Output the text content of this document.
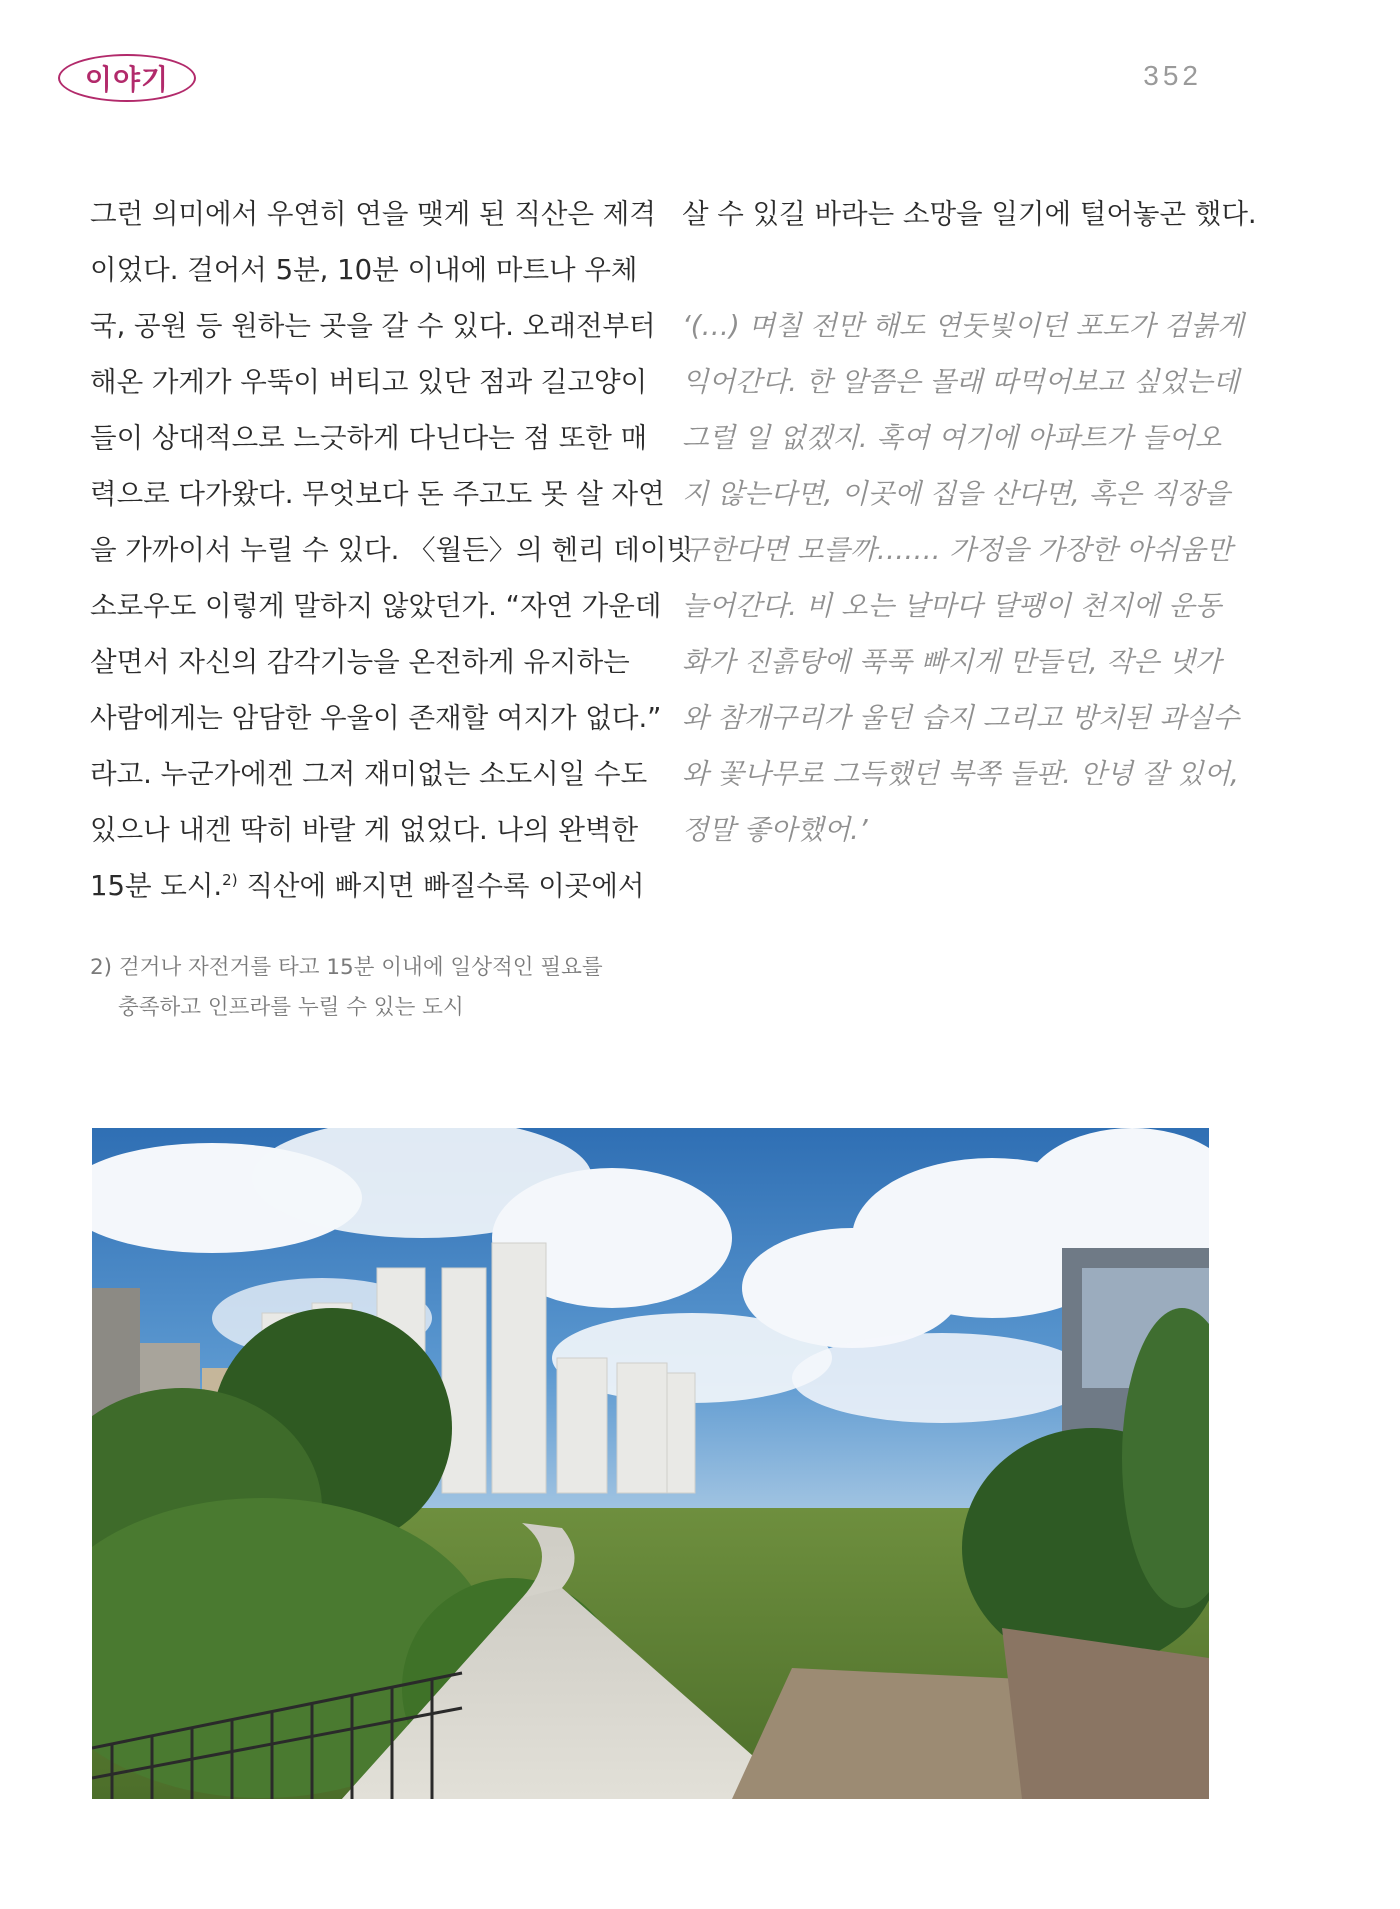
이야기	352
그런 의미에서 우연히 연을 맺게 된 직산은 제격
이었다. 걸어서 5분, 10분 이내에 마트나 우체
국, 공원 등 원하는 곳을 갈 수 있다. 오래전부터
해온 가게가 우뚝이 버티고 있단 점과 길고양이
들이 상대적으로 느긋하게 다닌다는 점 또한 매
력으로 다가왔다. 무엇보다 돈 주고도 못 살 자연
을 가까이서 누릴 수 있다. 〈월든〉의 헨리 데이빗
소로우도 이렇게 말하지 않았던가. “자연 가운데
살면서 자신의 감각기능을 온전하게 유지하는
사람에게는 암담한 우울이 존재할 여지가 없다.”
라고. 누군가에겐 그저 재미없는 소도시일 수도
있으나 내겐 딱히 바랄 게 없었다. 나의 완벽한
15분 도시.$^{2)}$ 직산에 빠지면 빠질수록 이곳에서
살 수 있길 바라는 소망을 일기에 털어놓곤 했다.
‘(…) 며칠 전만 해도 연둣빛이던 포도가 검붉게
익어간다. 한 알쯤은 몰래 따먹어보고 싶었는데
그럴 일 없겠지. 혹여 여기에 아파트가 들어오
지 않는다면, 이곳에 집을 산다면, 혹은 직장을
구한다면 모를까……. 가정을 가장한 아쉬움만
늘어간다. 비 오는 날마다 달팽이 천지에 운동
화가 진흙탕에 푹푹 빠지게 만들던, 작은 냇가
와 참개구리가 울던 습지 그리고 방치된 과실수
와 꽃나무로 그득했던 북쪽 들판. 안녕 잘 있어,
정말 좋아했어.’
2) 걷거나 자전거를 타고 15분 이내에 일상적인 필요를
충족하고 인프라를 누릴 수 있는 도시
